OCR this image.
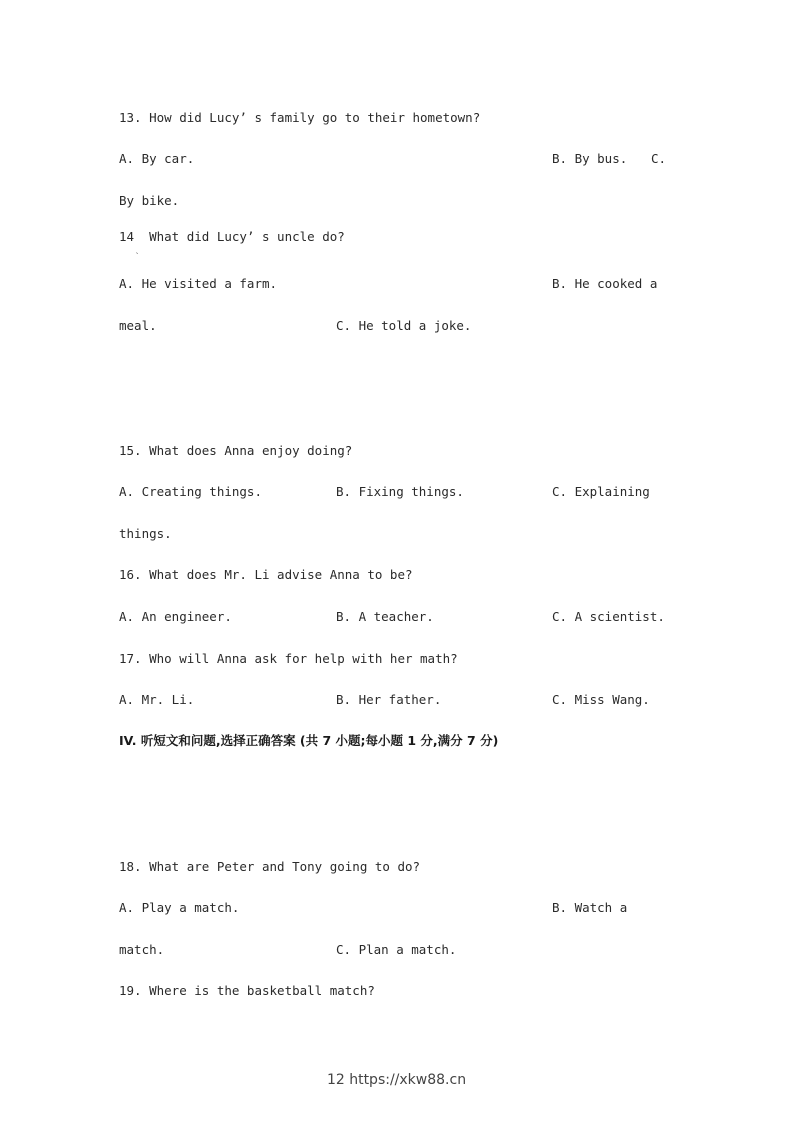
13. How did Lucy’ s family go to their hometown?
A. By car.	B. By bus. C.
By bike.
14  What did Lucy’ s uncle do?
`
A. He visited a farm.	B. He cooked a
meal.	C. He told a joke.
15. What does Anna enjoy doing?
A. Creating things.	B. Fixing things.	C. Explaining
things.
16. What does Mr. Li advise Anna to be?
A. An engineer.	B. A teacher.	C. A scientist.
17. Who will Anna ask for help with her math?
A. Mr. Li.	B. Her father.	C. Miss Wang.
IV. 听短文和问题,选择正确答案 (共 7 小题;每小题 1 分,满分 7 分)
18. What are Peter and Tony going to do?
A. Play a match.	B. Watch a
match.	C. Plan a match.
19. Where is the basketball match?
12 https://xkw88.cn
